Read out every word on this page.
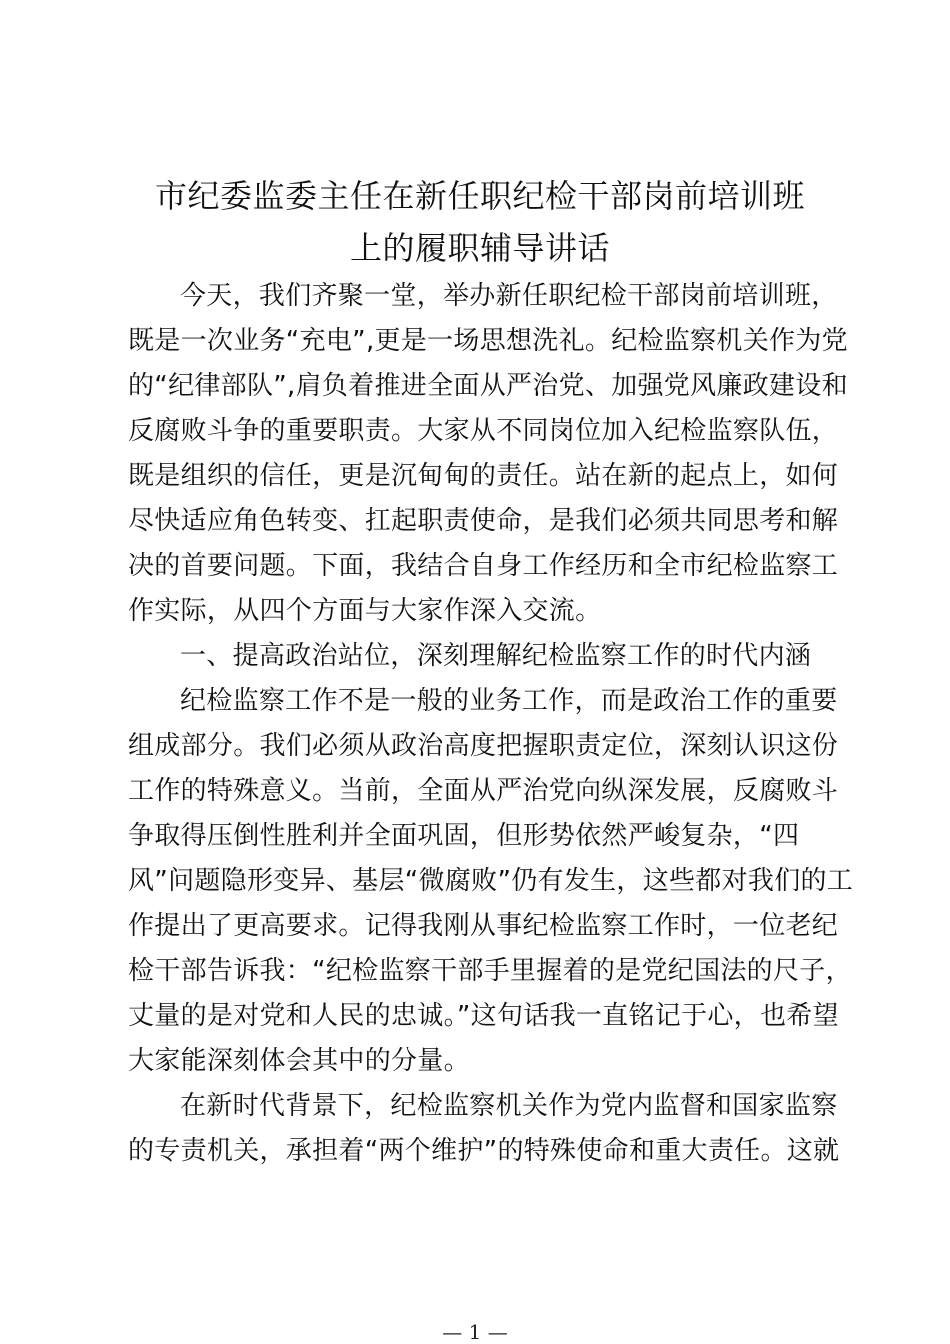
市纪委监委主任在新任职纪检干部岗前培训班
上的履职辅导讲话

今天，我们齐聚一堂，举办新任职纪检干部岗前培训班，

既是一次业务“充电”,更是一场思想洗礼。纪检监察机关作为党

的“纪律部队”,肩负着推进全面从严治党、加强党风廉政建设和

反腐败斗争的重要职责。大家从不同岗位加入纪检监察队伍，

既是组织的信任，更是沉甸甸的责任。站在新的起点上，如何

尽快适应角色转变、扛起职责使命，是我们必须共同思考和解

决的首要问题。下面，我结合自身工作经历和全市纪检监察工

作实际，从四个方面与大家作深入交流。

一、提高政治站位，深刻理解纪检监察工作的时代内涵

纪检监察工作不是一般的业务工作，而是政治工作的重要

组成部分。我们必须从政治高度把握职责定位，深刻认识这份

工作的特殊意义。当前，全面从严治党向纵深发展，反腐败斗

争取得压倒性胜利并全面巩固，但形势依然严峻复杂，“四

风”问题隐形变异、基层“微腐败”仍有发生，这些都对我们的工

作提出了更高要求。记得我刚从事纪检监察工作时，一位老纪

检干部告诉我：“纪检监察干部手里握着的是党纪国法的尺子，

丈量的是对党和人民的忠诚。”这句话我一直铭记于心，也希望

大家能深刻体会其中的分量。

在新时代背景下，纪检监察机关作为党内监督和国家监察

的专责机关，承担着“两个维护”的特殊使命和重大责任。这就

— 1 —
